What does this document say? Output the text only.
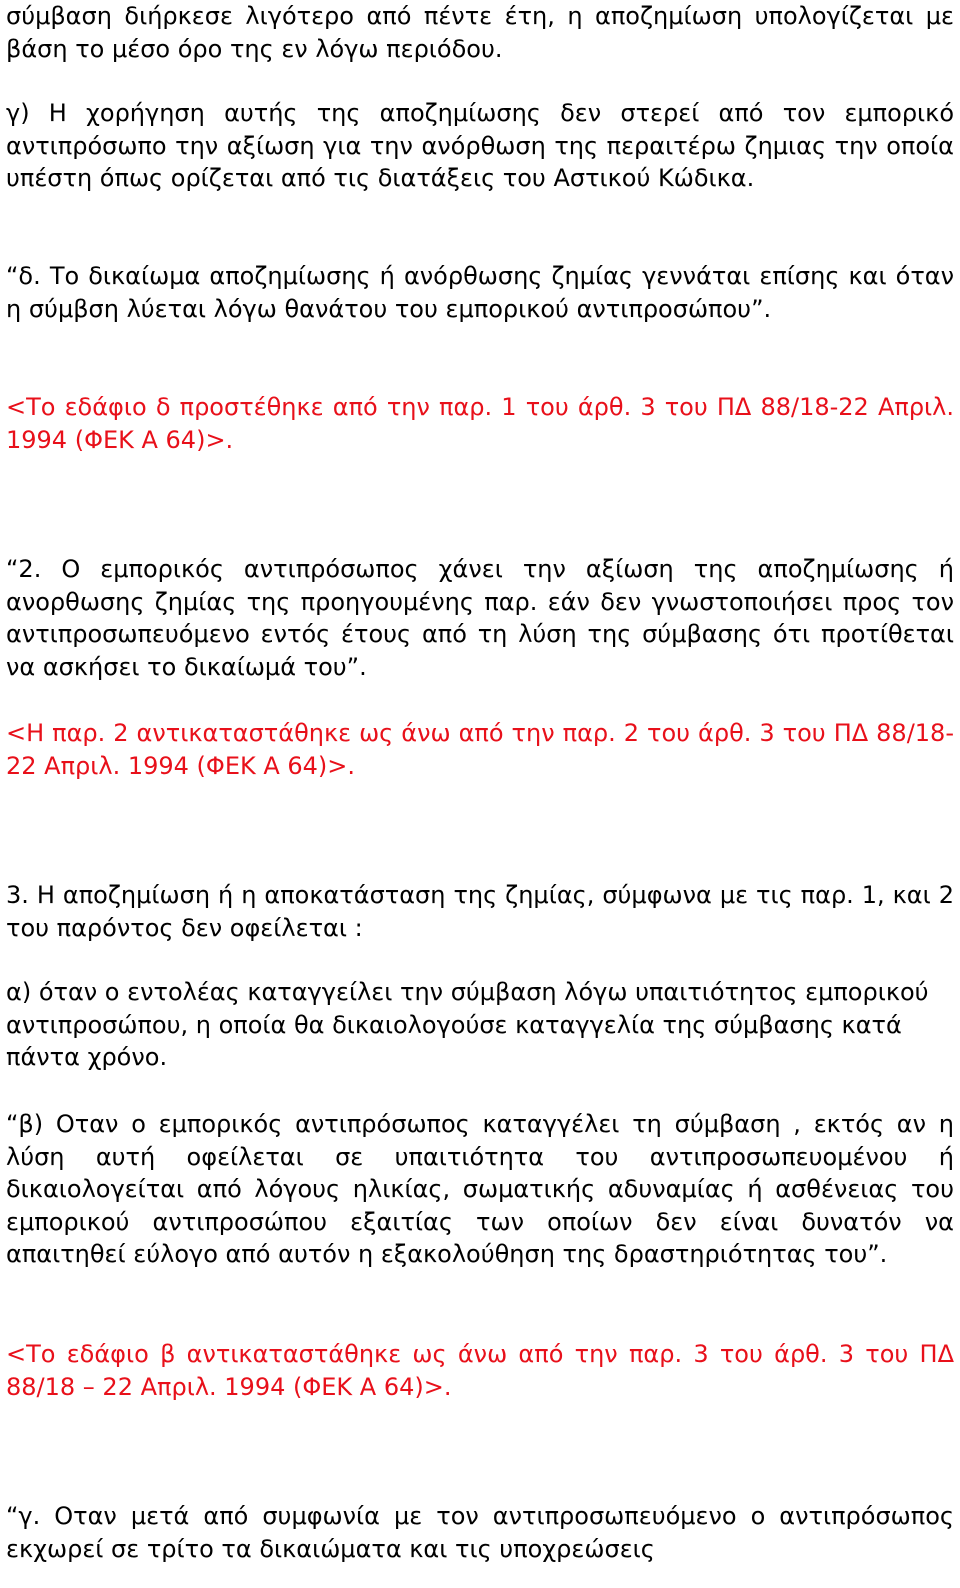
σύμβαση διήρκεσε λιγότερο από πέντε έτη, η αποζημίωση υπολογίζεται με βάση το μέσο όρο της εν λόγω περιόδου.

γ) Η χορήγηση αυτής της αποζημίωσης δεν στερεί από τον εμπορικό αντιπρόσωπο την αξίωση για την ανόρθωση της περαιτέρω ζημιας την οποία υπέστη όπως ορίζεται από τις διατάξεις του Αστικού Κώδικα.

“δ. Το δικαίωμα αποζημίωσης ή ανόρθωσης ζημίας γεννάται επίσης και όταν η σύμβση λύεται λόγω θανάτου του εμπορικού αντιπροσώπου”.

<Το εδάφιο δ προστέθηκε από την παρ. 1 του άρθ. 3 του ΠΔ 88/18-22 Απριλ. 1994 (ΦΕΚ Α 64)>.

“2. Ο εμπορικός αντιπρόσωπος χάνει την αξίωση της αποζημίωσης ή ανορθωσης ζημίας της προηγουμένης παρ. εάν δεν γνωστοποιήσει προς τον αντιπροσωπευόμενο εντός έτους από τη λύση της σύμβασης ότι προτίθεται να ασκήσει το δικαίωμά του”.

<Η παρ. 2 αντικαταστάθηκε ως άνω από την παρ. 2 του άρθ. 3 του ΠΔ 88/18-22 Απριλ. 1994 (ΦΕΚ Α 64)>.

3. Η αποζημίωση ή η αποκατάσταση της ζημίας, σύμφωνα με τις παρ. 1, και 2 του παρόντος δεν οφείλεται :

α) όταν ο εντολέας καταγγείλει την σύμβαση λόγω υπαιτιότητος εμπορικού αντιπροσώπου, η οποία θα δικαιολογούσε καταγγελία της σύμβασης κατά πάντα χρόνο.

“β) Οταν ο εμπορικός αντιπρόσωπος καταγγέλει τη σύμβαση , εκτός αν η λύση αυτή οφείλεται σε υπαιτιότητα του αντιπροσωπευομένου ή δικαιολογείται από λόγους ηλικίας, σωματικής αδυναμίας ή ασθένειας του εμπορικού αντιπροσώπου εξαιτίας των οποίων δεν είναι δυνατόν να απαιτηθεί εύλογο από αυτόν η εξακολούθηση της δραστηριότητας του”.

<Το εδάφιο β αντικαταστάθηκε ως άνω από την παρ. 3 του άρθ. 3 του ΠΔ 88/18 – 22 Απριλ. 1994 (ΦΕΚ Α 64)>.

“γ. Οταν μετά από συμφωνία με τον αντιπροσωπευόμενο ο αντιπρόσωπος εκχωρεί σε τρίτο τα δικαιώματα και τις υποχρεώσεις
